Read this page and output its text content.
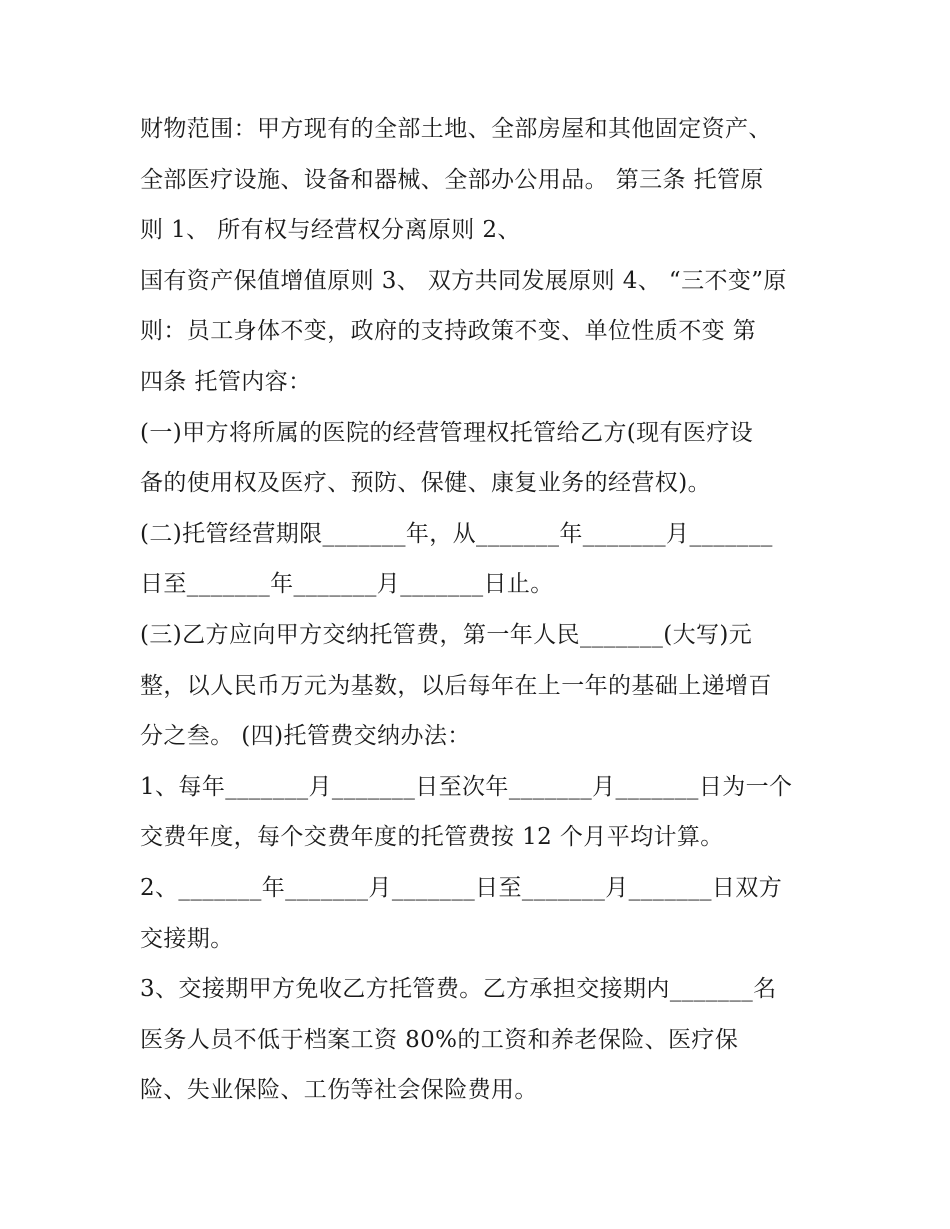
财物范围：甲方现有的全部土地、全部房屋和其他固定资产、
全部医疗设施、设备和器械、全部办公用品。 第三条 托管原
则 1、 所有权与经营权分离原则 2、
国有资产保值增值原则 3、 双方共同发展原则 4、 “三不变”原
则：员工身体不变，政府的支持政策不变、单位性质不变 第
四条 托管内容：
(一)甲方将所属的医院的经营管理权托管给乙方(现有医疗设
备的使用权及医疗、预防、保健、康复业务的经营权)。
(二)托管经营期限_______年，从_______年_______月_______
日至_______年_______月_______日止。
(三)乙方应向甲方交纳托管费，第一年人民_______(大写)元
整，以人民币万元为基数，以后每年在上一年的基础上递增百
分之叁。 (四)托管费交纳办法：
1、每年_______月_______日至次年_______月_______日为一个
交费年度，每个交费年度的托管费按 12 个月平均计算。
2、_______年_______月_______日至_______月_______日双方
交接期。
3、交接期甲方免收乙方托管费。乙方承担交接期内_______名
医务人员不低于档案工资 80%的工资和养老保险、医疗保
险、失业保险、工伤等社会保险费用。
